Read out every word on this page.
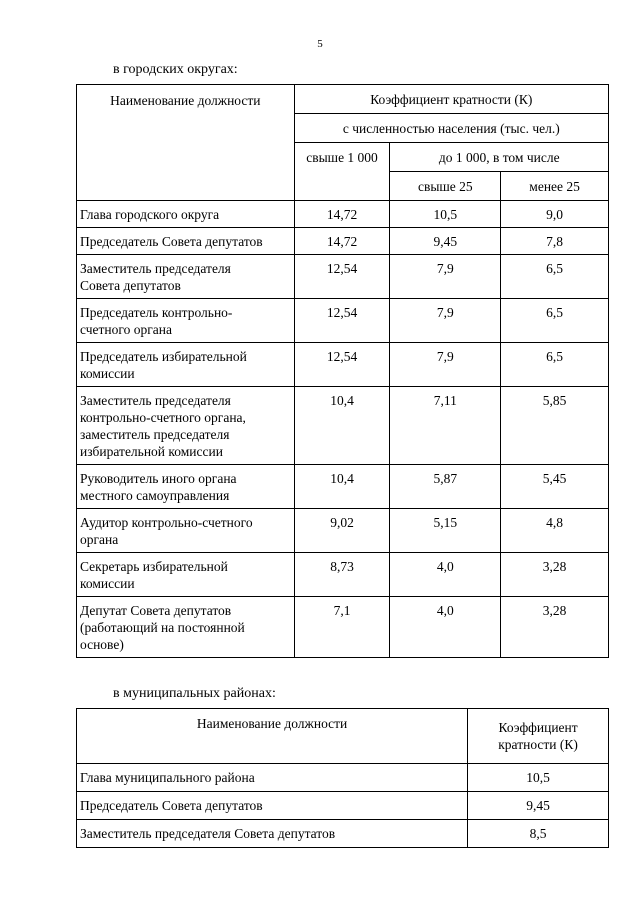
5
в городских округах:
Наименование должности	Коэффициент кратности (К)		
	с численностью населения (тыс. чел.)		
	свыше 1 000	до 1 000, в том числе	
		свыше 25	менее 25
Глава городского округа	14,72	10,5	9,0
Председатель Совета депутатов	14,72	9,45	7,8
Заместитель председателя
Совета депутатов	12,54	7,9	6,5
Председатель контрольно-
счетного органа	12,54	7,9	6,5
Председатель избирательной
комиссии	12,54	7,9	6,5
Заместитель председателя
контрольно-счетного органа,
заместитель председателя
избирательной комиссии	10,4	7,11	5,85
Руководитель иного органа
местного самоуправления	10,4	5,87	5,45
Аудитор контрольно-счетного
органа	9,02	5,15	4,8
Секретарь избирательной
комиссии	8,73	4,0	3,28
Депутат Совета депутатов
(работающий на постоянной
основе)	7,1	4,0	3,28
в муниципальных районах:
Наименование должности	Коэффициент
кратности (К)
Глава муниципального района	10,5
Председатель Совета депутатов	9,45
Заместитель председателя Совета депутатов	8,5
